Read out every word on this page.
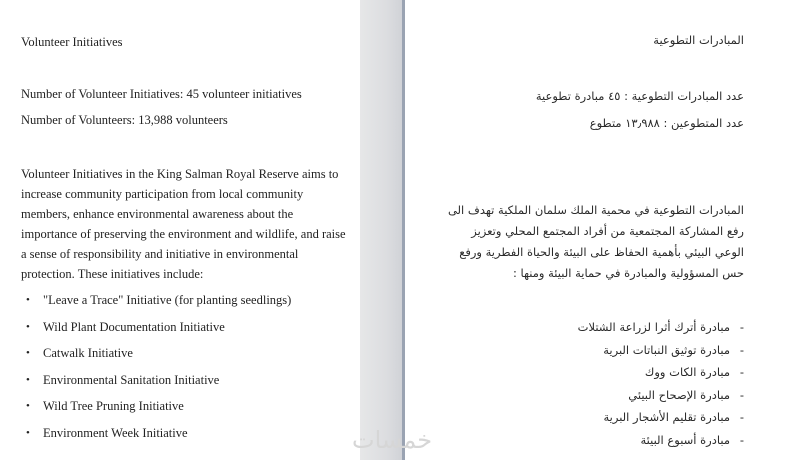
Volunteer Initiatives
Number of Volunteer Initiatives: 45 volunteer initiatives
Number of Volunteers: 13,988 volunteers

Volunteer Initiatives in the King Salman Royal Reserve aims to increase community participation from local community members, enhance environmental awareness about the importance of preserving the environment and wildlife, and raise a sense of responsibility and initiative in environmental protection. These initiatives include:

• "Leave a Trace" Initiative (for planting seedlings)
• Wild Plant Documentation Initiative
• Catwalk Initiative
• Environmental Sanitation Initiative
• Wild Tree Pruning Initiative
• Environment Week Initiative
المبادرات التطوعية
عدد المبادرات التطوعية : ٤٥ مبادرة تطوعية
عدد المتطوعين : ١٣٫٩٨٨ متطوع

المبادرات التطوعية في محمية الملك سلمان الملكية تهدف الى رفع المشاركة المجتمعية من أفراد المجتمع المحلي وتعزيز الوعي البيئي بأهمية الحفاظ على البيئة والحياة الفطرية ورفع حس المسؤولية والمبادرة في حماية البيئة ومنها :

-
مبادرة أترك أثرا لزراعة الشتلات
-
مبادرة توثيق النباتات البرية
-
مبادرة الكات ووك
-
مبادرة الإصحاح البيئي
-
مبادرة تقليم الأشجار البرية
-
مبادرة أسبوع البيئة
خمسات
